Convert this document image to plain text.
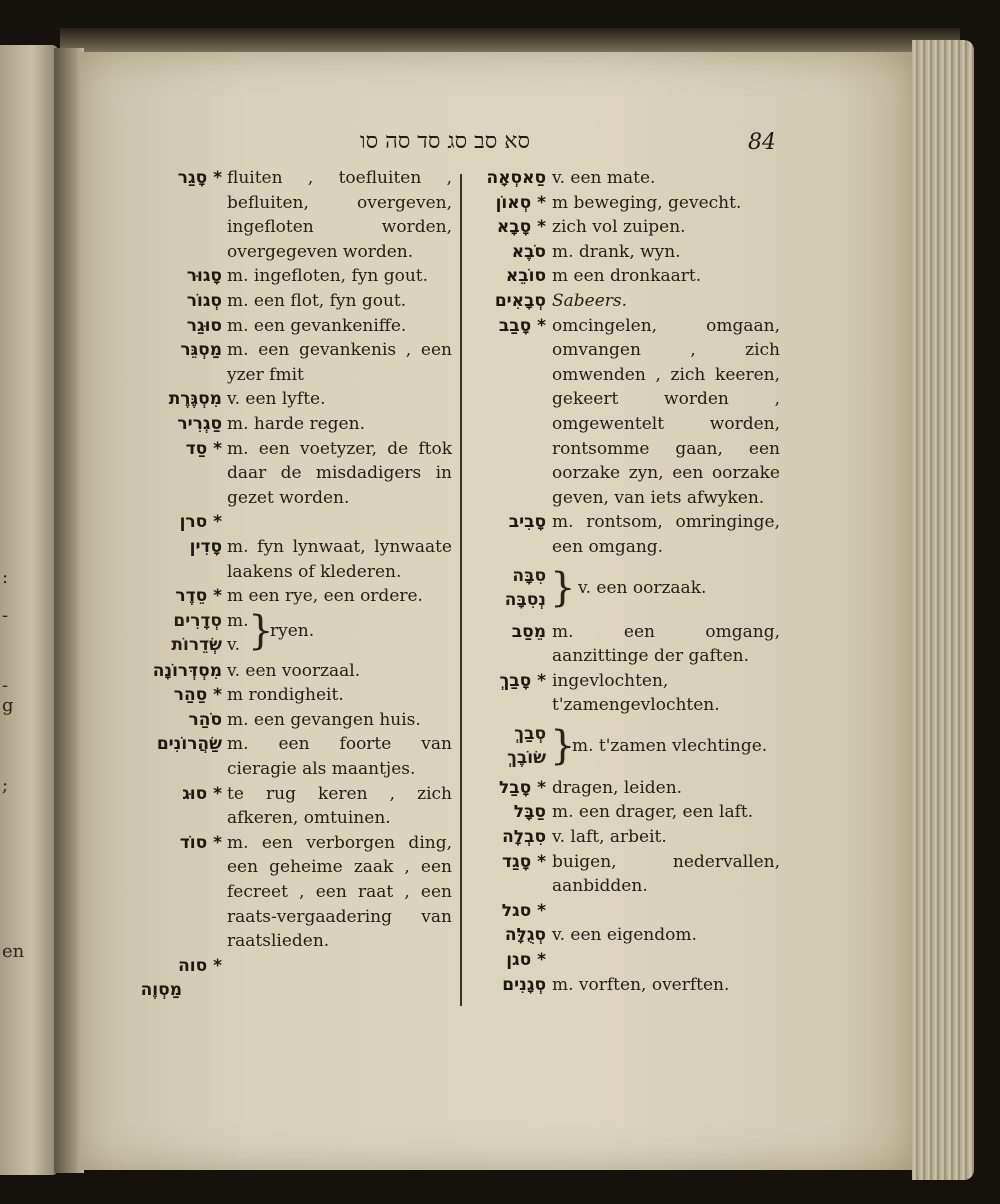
:
-
-
g
;
en
סא סב סג סד סה סו	84
* סָגַר fluiten , toefluiten , befluiten, overgeven, ingefloten worden, overgegeven worden.
סָגוּר m. ingefloten, fyn gout.
סְגוֹר m. een flot, fyn gout.
סוּגַר m. een gevankeniffe.
מַסְגֵּר m. een gevankenis , een yzer fmit
מִסְגֶּרֶת v. een lyfte.
סַגְרִיר m. harde regen.
* סַד m. een voetyzer, de ftok daar de misdadigers in gezet worden.
* סרן
סָדִין m. fyn lynwaat, lynwaate laakens of klederen.
* סֵדֶר m een rye, een ordere.
סְדָרִים
שְׂדֵרוֹת
m.
v. }
ryen.
מִסְדְּרוֹנָה v. een voorzaal.
* סַהַר m rondigheit.
סֹהַר m. een gevangen huis.
שַׂהֲרוֹנִים m. een foorte van cieragie als maantjes.
* סוּג te rug keren , zich afkeren, omtuinen.
* סוֹד m. een verborgen ding, een geheime zaak , een fecreet , een raat , een raats-vergaadering van raatslieden.
* סוה
מַסְוֶה
סַאסְאָה v. een mate.
* סְאוֹן m beweging, gevecht.
* סָבָא zich vol zuipen.
סֹבֶא m. drank, wyn.
סוֹבֵא m een dronkaart.
סְבָאִים Sabeers.
* סָבַב omcingelen, omgaan, omvangen , zich omwenden , zich keeren, gekeert worden , omgewentelt worden, rontsomme gaan, een oorzake zyn, een oorzake geven, van iets afwyken.
סָבִיב m. rontsom, omringinge, een omgang.
סִבָּה
נְסִבָּה } v. een oorzaak.
מֵסַב m. een omgang, aanzittinge der gaften.
* סָבַךְ ingevlochten, t'zamengevlochten.
סְבַךְ
שׂוֹבֶךְ }
m. t'zamen vlechtinge.
* סָבַל dragen, leiden.
סַבָּל m. een drager, een laft.
סִבְלָה v. laft, arbeit.
* סָגַד buigen, nedervallen, aanbidden.
* סגל
סְגֻלָּה v. een eigendom.
* סגן
סְגָנִים m. vorften, overften.
